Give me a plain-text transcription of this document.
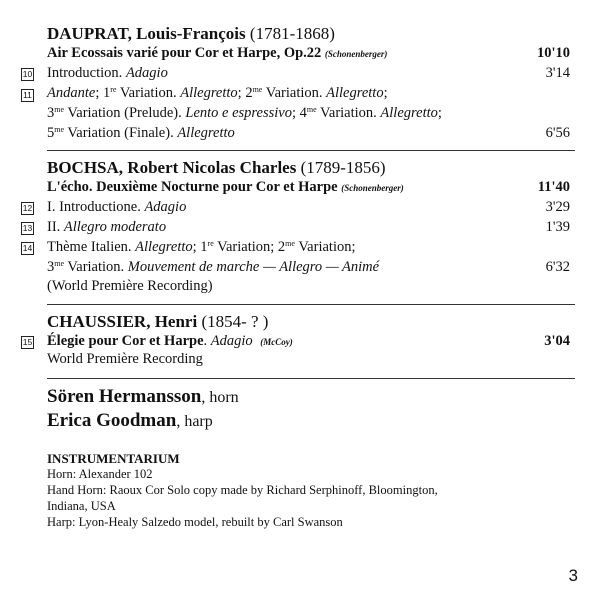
DAUPRAT, Louis-François (1781-1868)
Air Ecossais varié pour Cor et Harpe, Op.22 (Schonenberger)	10'10
10 Introduction. Adagio	3'14
11 Andante; 1re Variation. Allegretto; $2^{me}$ Variation. Allegretto;
$3^{me}$ Variation (Prelude). Lento e espressivo; $4^{me}$ Variation. Allegretto;
$5^{me}$ Variation (Finale). Allegretto	6'56
BOCHSA, Robert Nicolas Charles (1789-1856)
L'écho. Deuxième Nocturne pour Cor et Harpe (Schonenberger)	11'40
12 I. Introductione. Adagio	3'29
13 II. Allegro moderato	1'39
14 Thème Italien. Allegretto; 1re Variation; $2^{me}$ Variation;
$3^{me}$ Variation. Mouvement de marche — Allegro — Animé	6'32
(World Première Recording)
CHAUSSIER, Henri (1854- ? )
15 Élegie pour Cor et Harpe. Adagio (McCoy)	3'04
World Première Recording
Sören Hermansson, horn
Erica Goodman, harp
INSTRUMENTARIUM
Horn: Alexander 102
Hand Horn: Raoux Cor Solo copy made by Richard Serphinoff, Bloomington,
Indiana, USA
Harp: Lyon-Healy Salzedo model, rebuilt by Carl Swanson
3
